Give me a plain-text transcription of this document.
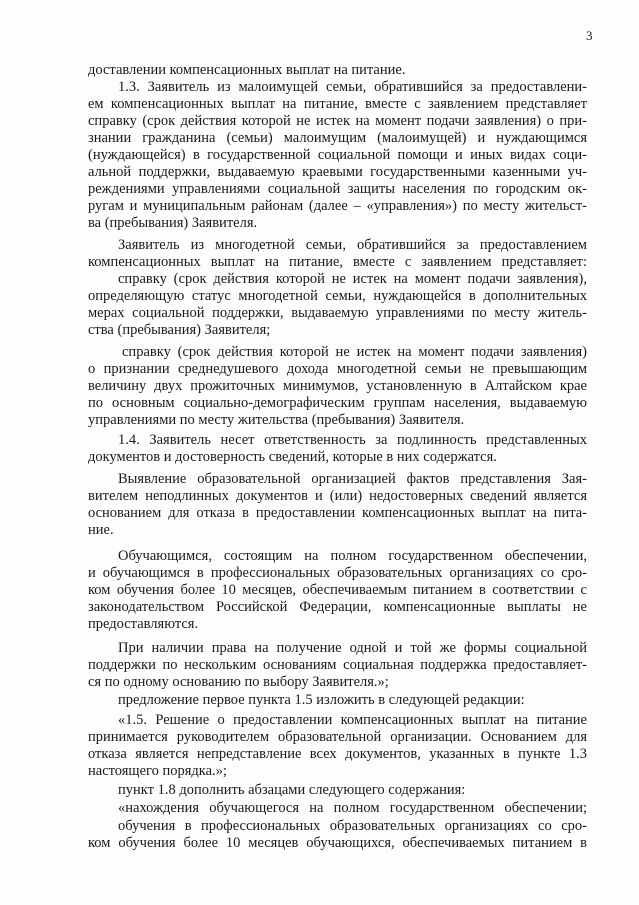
3
доставлении компенсационных выплат на питание.
1.3. Заявитель из малоимущей семьи, обратившийся за предоставлени-
ем компенсационных выплат на питание, вместе с заявлением представляет
справку (срок действия которой не истек на момент подачи заявления) о при-
знании гражданина (семьи) малоимущим (малоимущей) и нуждающимся
(нуждающейся) в государственной социальной помощи и иных видах соци-
альной поддержки, выдаваемую краевыми государственными казенными уч-
реждениями управлениями социальной защиты населения по городским ок-
ругам и муниципальным районам (далее – «управления») по месту жительст-
ва (пребывания) Заявителя.
Заявитель из многодетной семьи, обратившийся за предоставлением
компенсационных выплат на питание, вместе с заявлением представляет:
справку (срок действия которой не истек на момент подачи заявления),
определяющую статус многодетной семьи, нуждающейся в дополнительных
мерах социальной поддержки, выдаваемую управлениями по месту житель-
ства (пребывания) Заявителя;
справку (срок действия которой не истек на момент подачи заявления)
о признании среднедушевого дохода многодетной семьи не превышающим
величину двух прожиточных минимумов, установленную в Алтайском крае
по основным социально-демографическим группам населения, выдаваемую
управлениями по месту жительства (пребывания) Заявителя.
1.4. Заявитель несет ответственность за подлинность представленных
документов и достоверность сведений, которые в них содержатся.
Выявление образовательной организацией фактов представления Зая-
вителем неподлинных документов и (или) недостоверных сведений является
основанием для отказа в предоставлении компенсационных выплат на пита-
ние.
Обучающимся, состоящим на полном государственном обеспечении,
и обучающимся в профессиональных образовательных организациях со сро-
ком обучения более 10 месяцев, обеспечиваемым питанием в соответствии с
законодательством Российской Федерации, компенсационные выплаты не
предоставляются.
При наличии права на получение одной и той же формы социальной
поддержки по нескольким основаниям социальная поддержка предоставляет-
ся по одному основанию по выбору Заявителя.»;
предложение первое пункта 1.5 изложить в следующей редакции:
«1.5. Решение о предоставлении компенсационных выплат на питание
принимается руководителем образовательной организации. Основанием для
отказа является непредставление всех документов, указанных в пункте 1.3
настоящего порядка.»;
пункт 1.8 дополнить абзацами следующего содержания:
«нахождения обучающегося на полном государственном обеспечении;
обучения в профессиональных образовательных организациях со сро-
ком обучения более 10 месяцев обучающихся, обеспечиваемых питанием в
